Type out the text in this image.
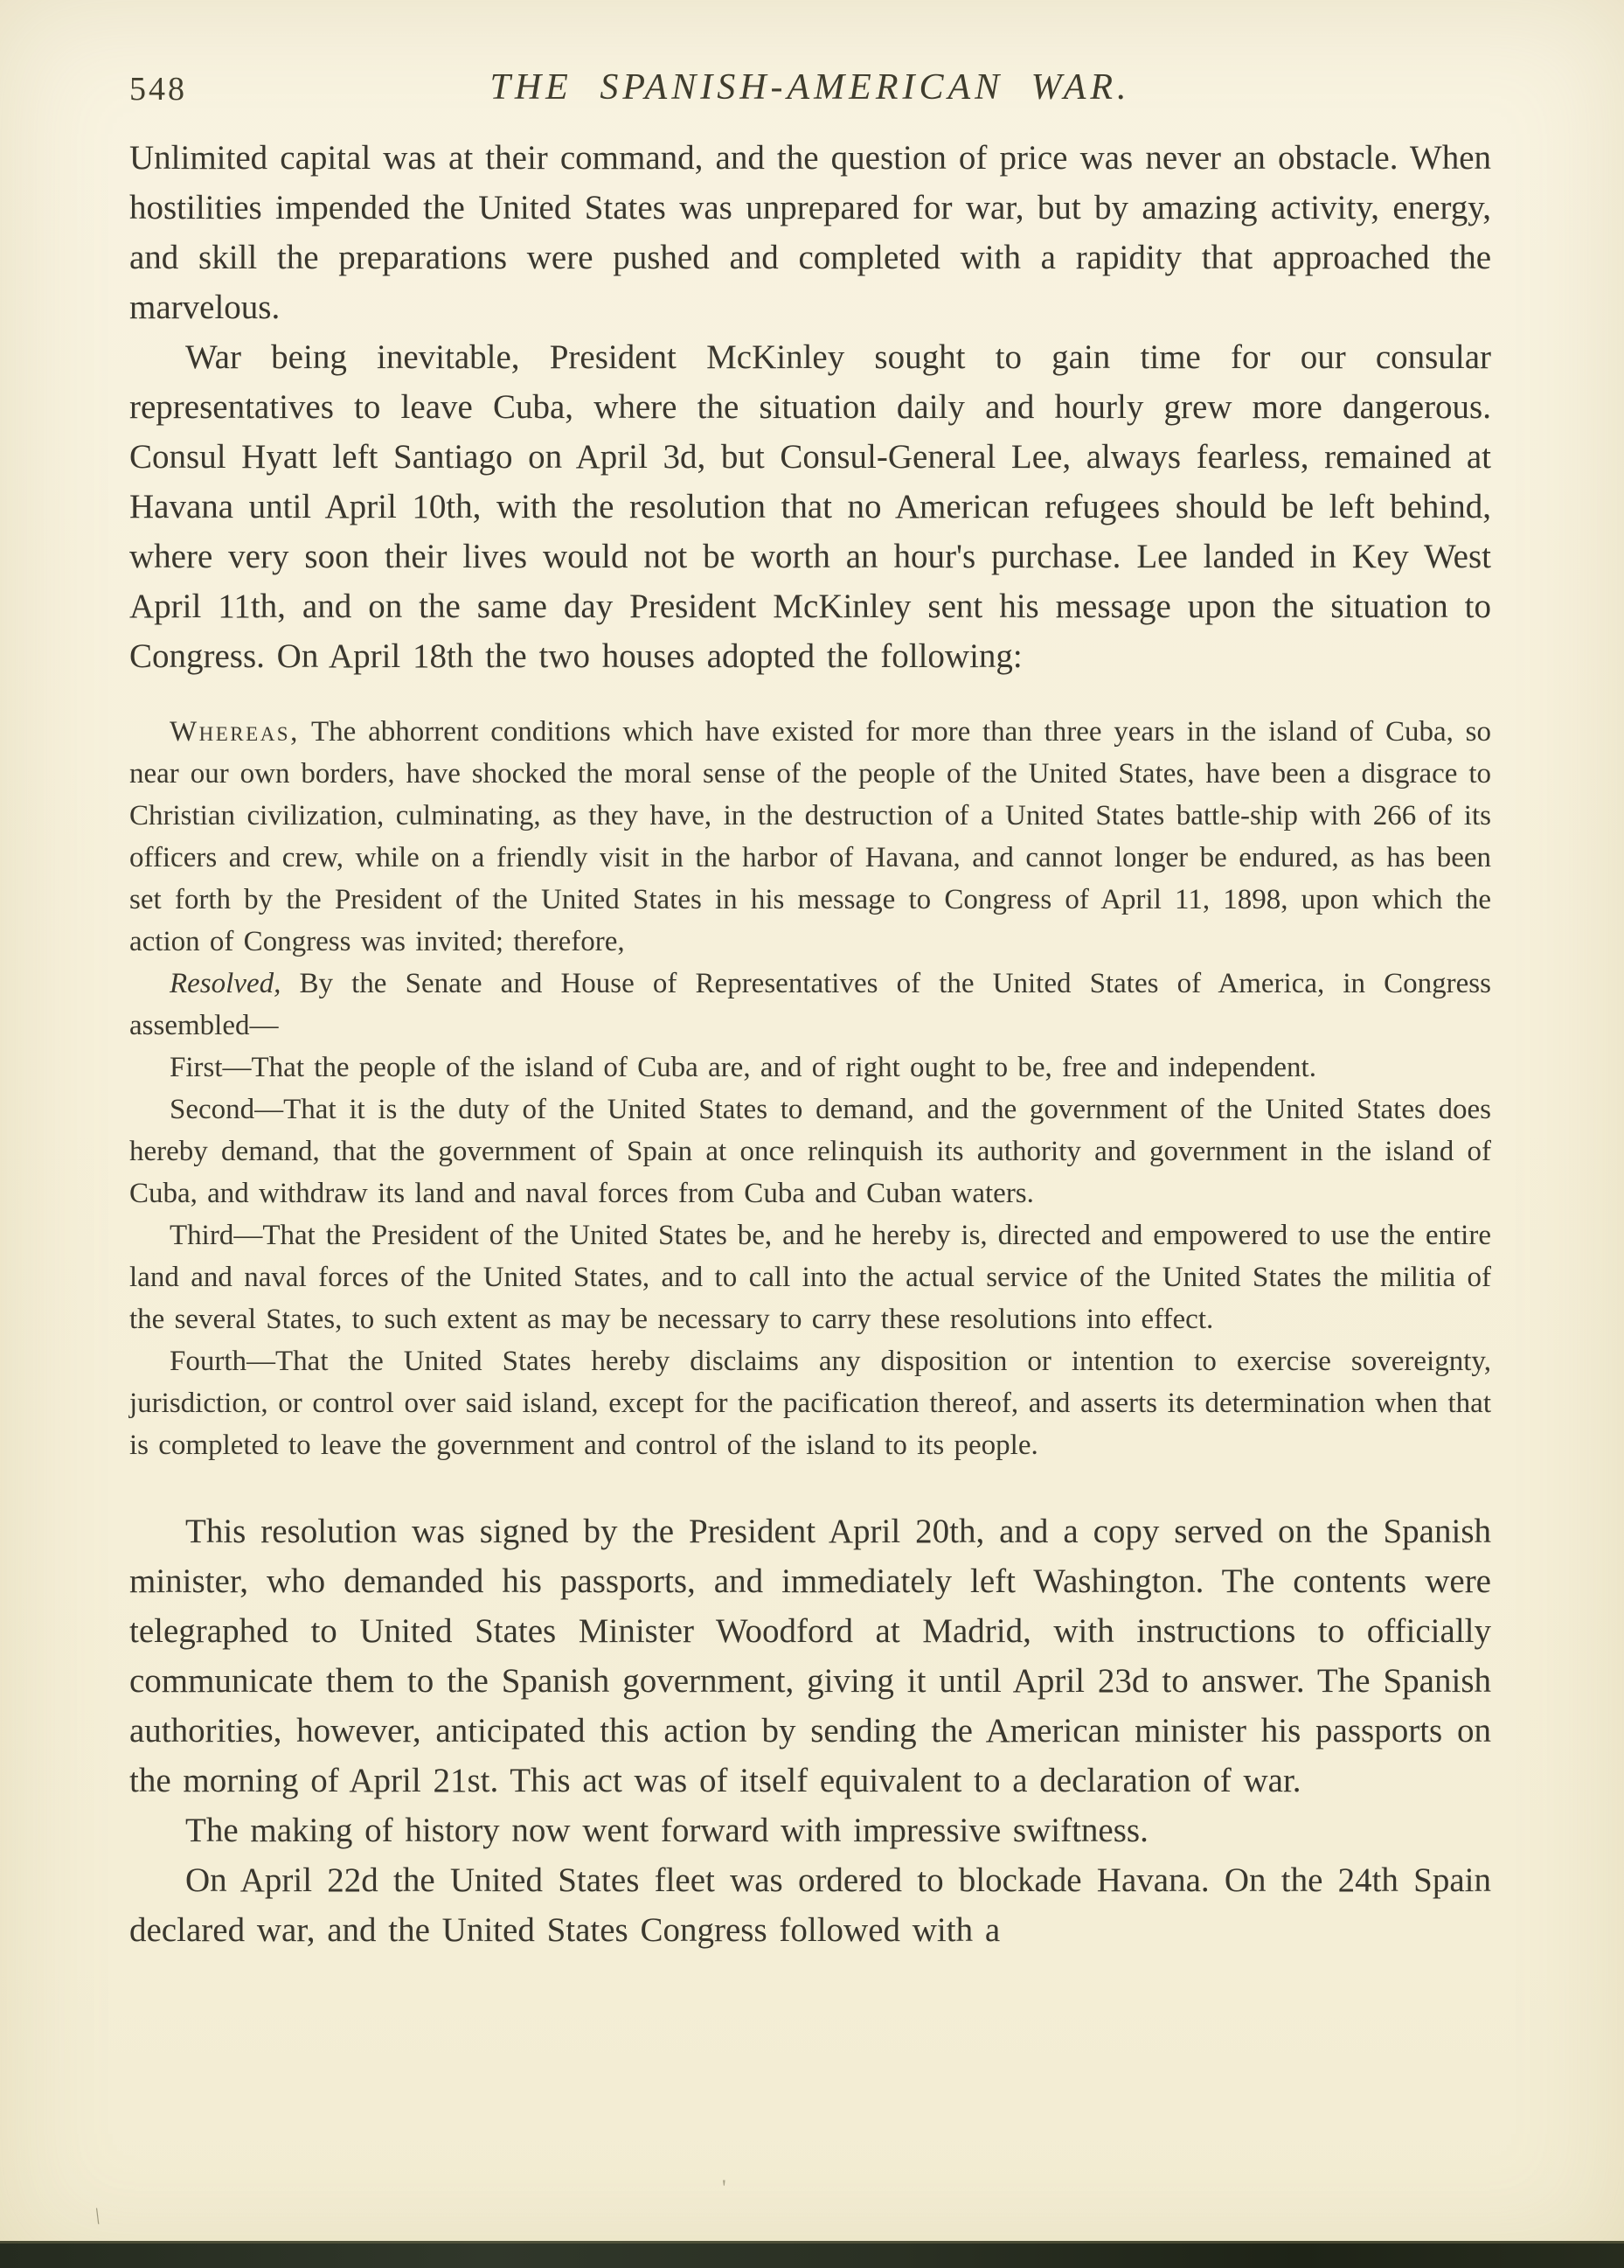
548	THE SPANISH-AMERICAN WAR.

Unlimited capital was at their command, and the question of price was never an obstacle. When hostilities impended the United States was unprepared for war, but by amazing activity, energy, and skill the preparations were pushed and completed with a rapidity that approached the marvelous.

War being inevitable, President McKinley sought to gain time for our consular representatives to leave Cuba, where the situation daily and hourly grew more dangerous. Consul Hyatt left Santiago on April 3d, but Consul-General Lee, always fearless, remained at Havana until April 10th, with the resolution that no American refugees should be left behind, where very soon their lives would not be worth an hour's purchase. Lee landed in Key West April 11th, and on the same day President McKinley sent his message upon the situation to Congress. On April 18th the two houses adopted the following:

Whereas, The abhorrent conditions which have existed for more than three years in the island of Cuba, so near our own borders, have shocked the moral sense of the people of the United States, have been a disgrace to Christian civilization, culminating, as they have, in the destruction of a United States battle-ship with 266 of its officers and crew, while on a friendly visit in the harbor of Havana, and cannot longer be endured, as has been set forth by the President of the United States in his message to Congress of April 11, 1898, upon which the action of Congress was invited; therefore,

Resolved, By the Senate and House of Representatives of the United States of America, in Congress assembled—

First—That the people of the island of Cuba are, and of right ought to be, free and independent.

Second—That it is the duty of the United States to demand, and the government of the United States does hereby demand, that the government of Spain at once relinquish its authority and government in the island of Cuba, and withdraw its land and naval forces from Cuba and Cuban waters.

Third—That the President of the United States be, and he hereby is, directed and empowered to use the entire land and naval forces of the United States, and to call into the actual service of the United States the militia of the several States, to such extent as may be necessary to carry these resolutions into effect.

Fourth—That the United States hereby disclaims any disposition or intention to exercise sovereignty, jurisdiction, or control over said island, except for the pacification thereof, and asserts its determination when that is completed to leave the government and control of the island to its people.

This resolution was signed by the President April 20th, and a copy served on the Spanish minister, who demanded his passports, and immediately left Washington. The contents were telegraphed to United States Minister Woodford at Madrid, with instructions to officially communicate them to the Spanish government, giving it until April 23d to answer. The Spanish authorities, however, anticipated this action by sending the American minister his passports on the morning of April 21st. This act was of itself equivalent to a declaration of war.

The making of history now went forward with impressive swiftness.

On April 22d the United States fleet was ordered to blockade Havana. On the 24th Spain declared war, and the United States Congress followed with a

\
'
